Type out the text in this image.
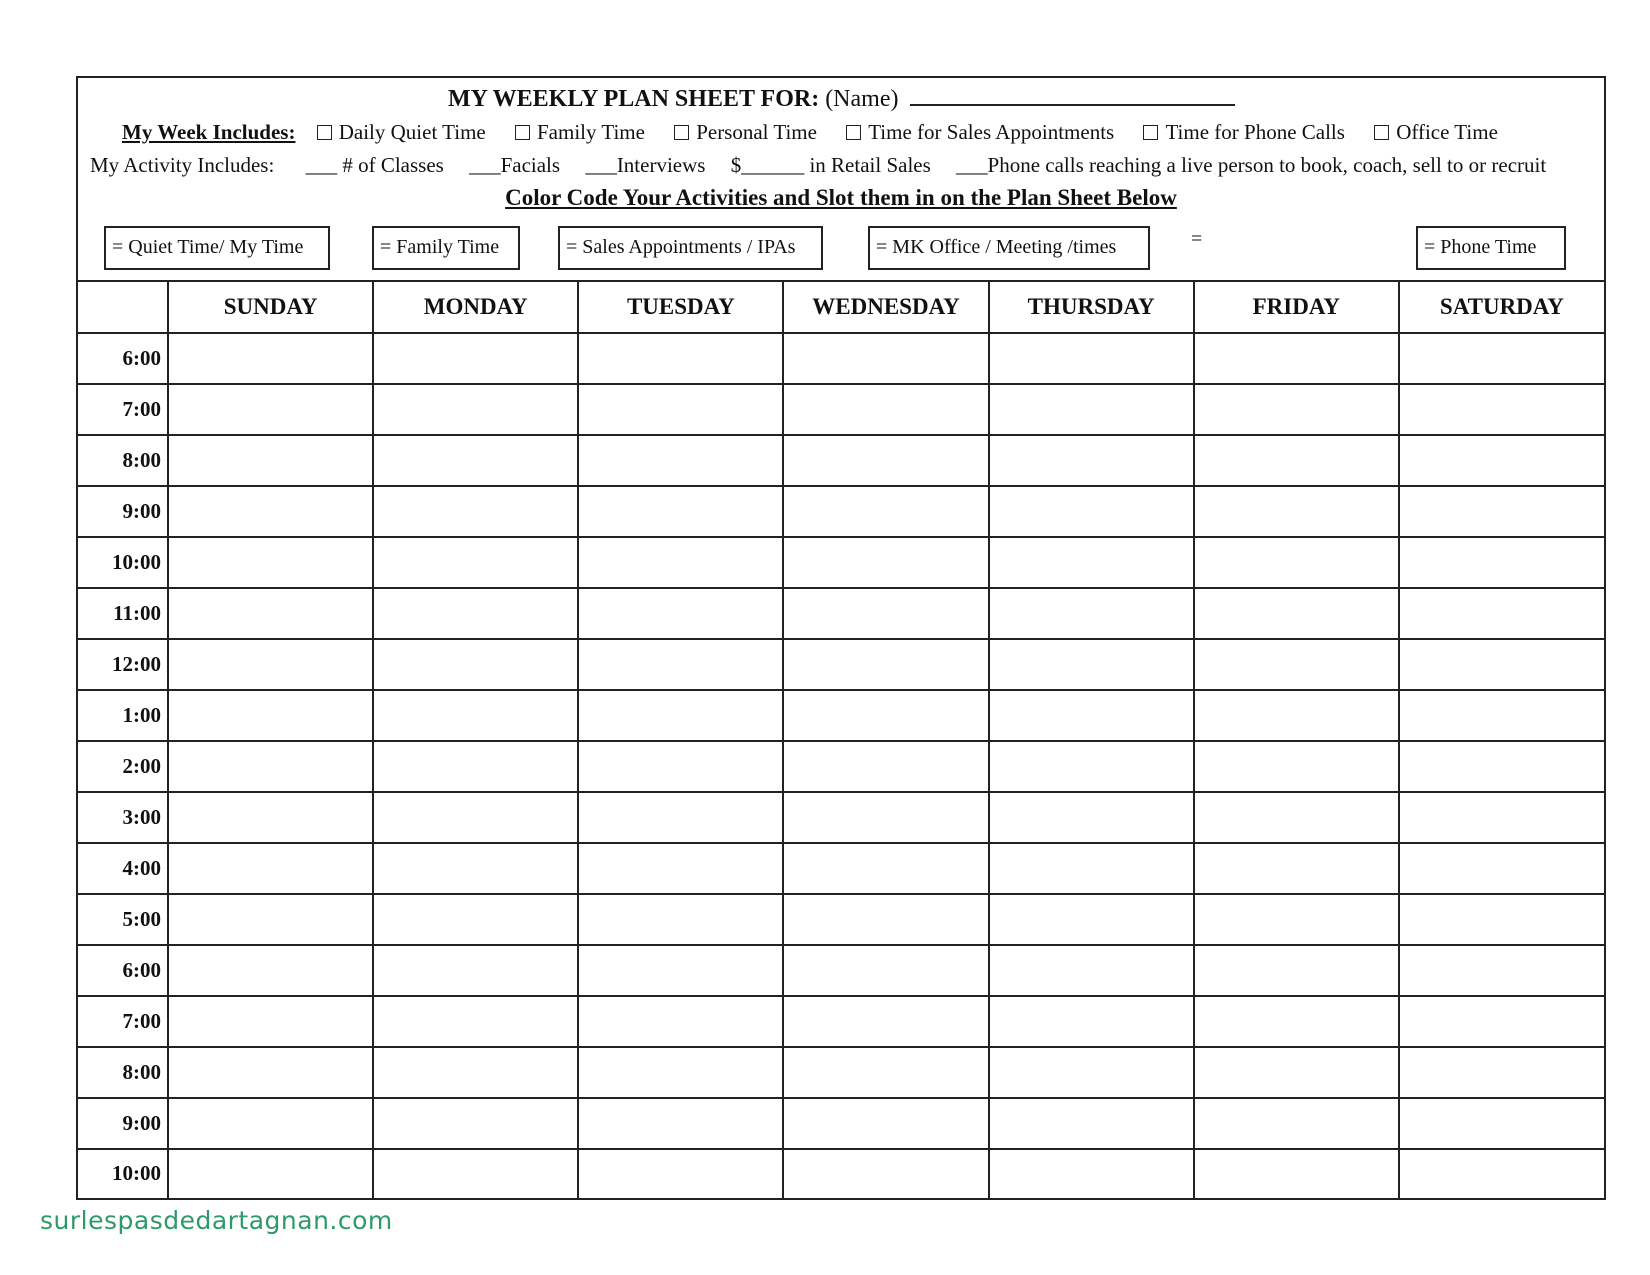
MY WEEKLY PLAN SHEET FOR: (Name)
My Week Includes: Daily Quiet Time Family Time Personal Time Time for Sales Appointments Time for Phone Calls Office Time
My Activity Includes: ___ # of Classes ___Facials ___Interviews $______ in Retail Sales ___Phone calls reaching a live person to book, coach, sell to or recruit
Color Code Your Activities and Slot them in on the Plan Sheet Below
= Quiet Time/ My Time	= Family Time	= Sales Appointments / IPAs	= MK Office / Meeting /times	=	= Phone Time
	SUNDAY	MONDAY	TUESDAY	WEDNESDAY	THURSDAY	FRIDAY	SATURDAY
6:00							
7:00							
8:00							
9:00							
10:00							
11:00							
12:00							
1:00							
2:00							
3:00							
4:00							
5:00							
6:00							
7:00							
8:00							
9:00							
10:00							
surlespasdedartagnan.com
